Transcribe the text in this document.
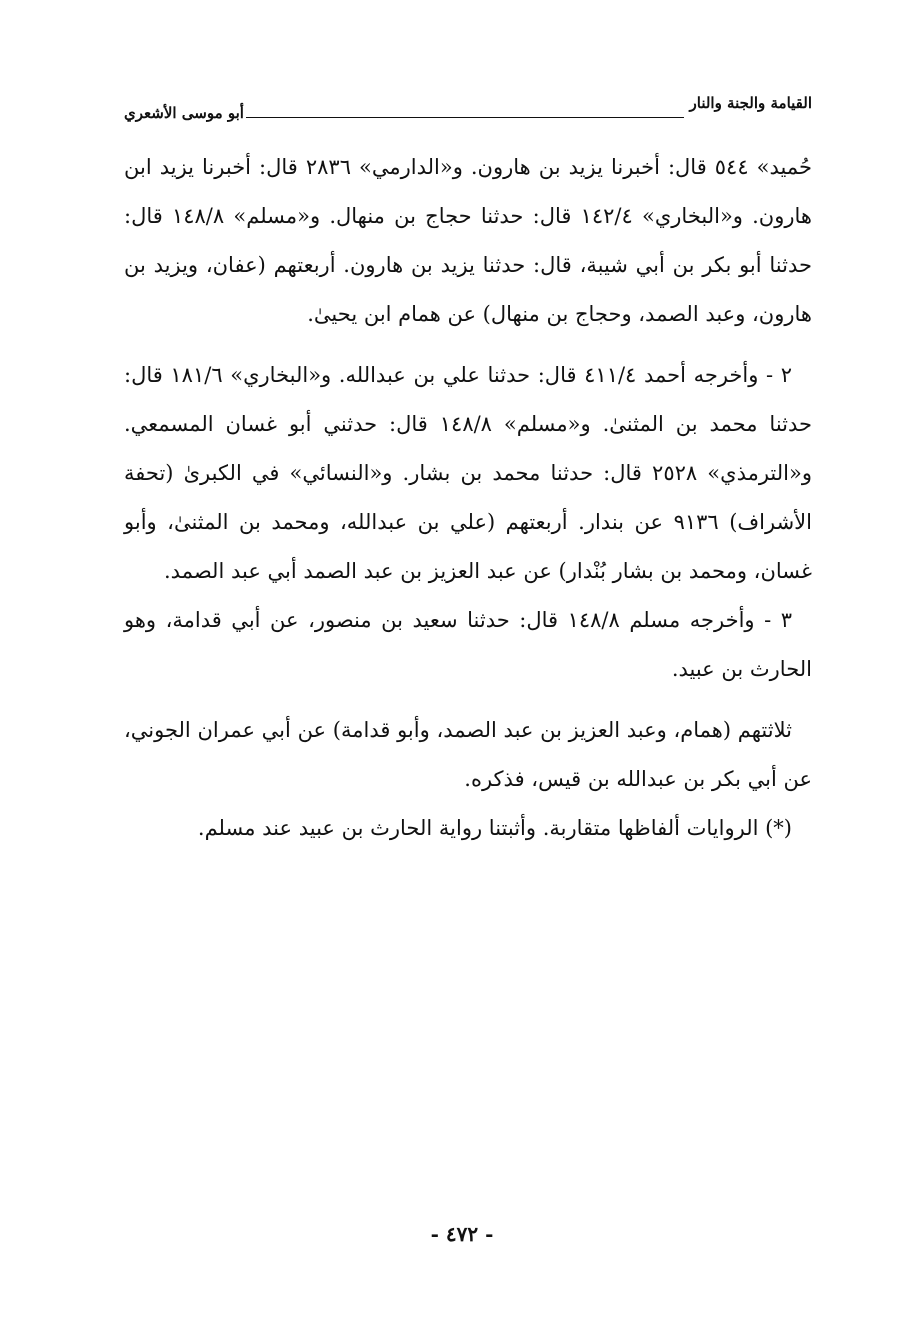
القيامة والجنة والنار
أبو موسى الأشعري

حُميد» ٥٤٤ قال: أخبرنا يزيد بن هارون. و«الدارمي» ٢٨٣٦ قال: أخبرنا يزيد ابن هارون. و«البخاري» ١٤٢/٤ قال: حدثنا حجاج بن منهال. و«مسلم» ١٤٨/٨ قال: حدثنا أبو بكر بن أبي شيبة، قال: حدثنا يزيد بن هارون. أربعتهم (عفان، ويزيد بن هارون، وعبد الصمد، وحجاج بن منهال) عن همام ابن يحيىٰ.

٢ - وأخرجه أحمد ٤١١/٤ قال: حدثنا علي بن عبدالله. و«البخاري» ١٨١/٦ قال: حدثنا محمد بن المثنىٰ. و«مسلم» ١٤٨/٨ قال: حدثني أبو غسان المسمعي. و«الترمذي» ٢٥٢٨ قال: حدثنا محمد بن بشار. و«النسائي» في الكبرىٰ (تحفة الأشراف) ٩١٣٦ عن بندار. أربعتهم (علي بن عبدالله، ومحمد بن المثنىٰ، وأبو غسان، ومحمد بن بشار بُنْدار) عن عبد العزيز بن عبد الصمد أبي عبد الصمد.

٣ - وأخرجه مسلم ١٤٨/٨ قال: حدثنا سعيد بن منصور، عن أبي قدامة، وهو الحارث بن عبيد.

ثلاثتهم (همام، وعبد العزيز بن عبد الصمد، وأبو قدامة) عن أبي عمران الجوني، عن أبي بكر بن عبدالله بن قيس، فذكره.

(*) الروايات ألفاظها متقاربة. وأثبتنا رواية الحارث بن عبيد عند مسلم.

- ٤٧٢ -
